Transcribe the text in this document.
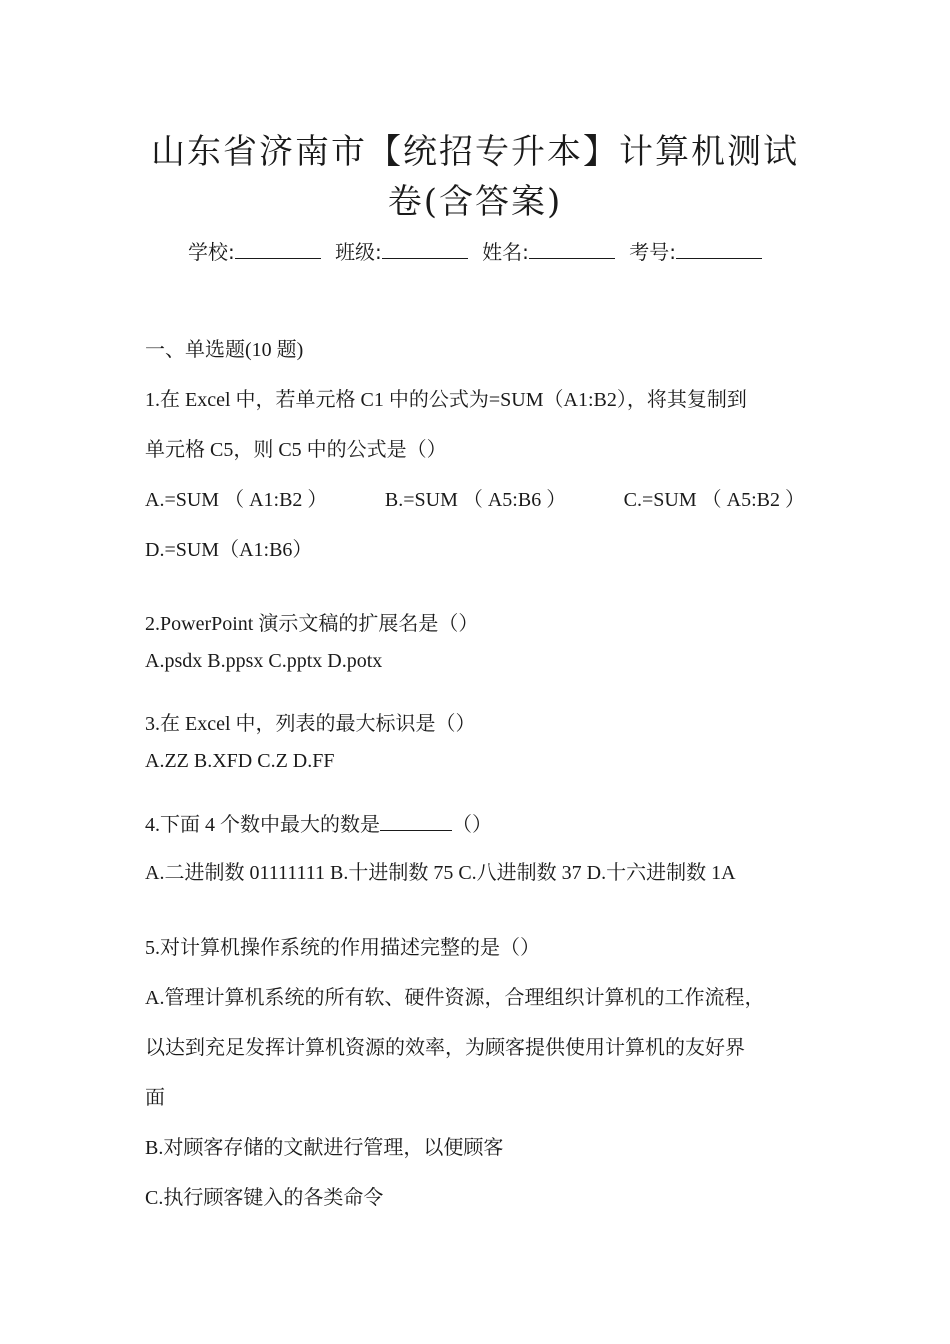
山东省济南市【统招专升本】计算机测试
卷(含答案)
学校:	班级:	姓名:	考号:
一、单选题(10 题)
1.在 Excel 中，若单元格 C1 中的公式为=SUM（A1:B2），将其复制到
单元格 C5，则 C5 中的公式是（）
A.=SUM （ A1:B2 ）	B.=SUM （ A5:B6 ）	C.=SUM （ A5:B2 ）
D.=SUM（A1:B6）
2.PowerPoint 演示文稿的扩展名是（）
A.psdx B.ppsx C.pptx D.potx
3.在 Excel 中，列表的最大标识是（）
A.ZZ B.XFD C.Z D.FF
4.下面 4 个数中最大的数是	（）
A.二进制数 01111111 B.十进制数 75 C.八进制数 37 D.十六进制数 1A
5.对计算机操作系统的作用描述完整的是（）
A.管理计算机系统的所有软、硬件资源，合理组织计算机的工作流程，
以达到充足发挥计算机资源的效率，为顾客提供使用计算机的友好界
面
B.对顾客存储的文献进行管理，以便顾客
C.执行顾客键入的各类命令
